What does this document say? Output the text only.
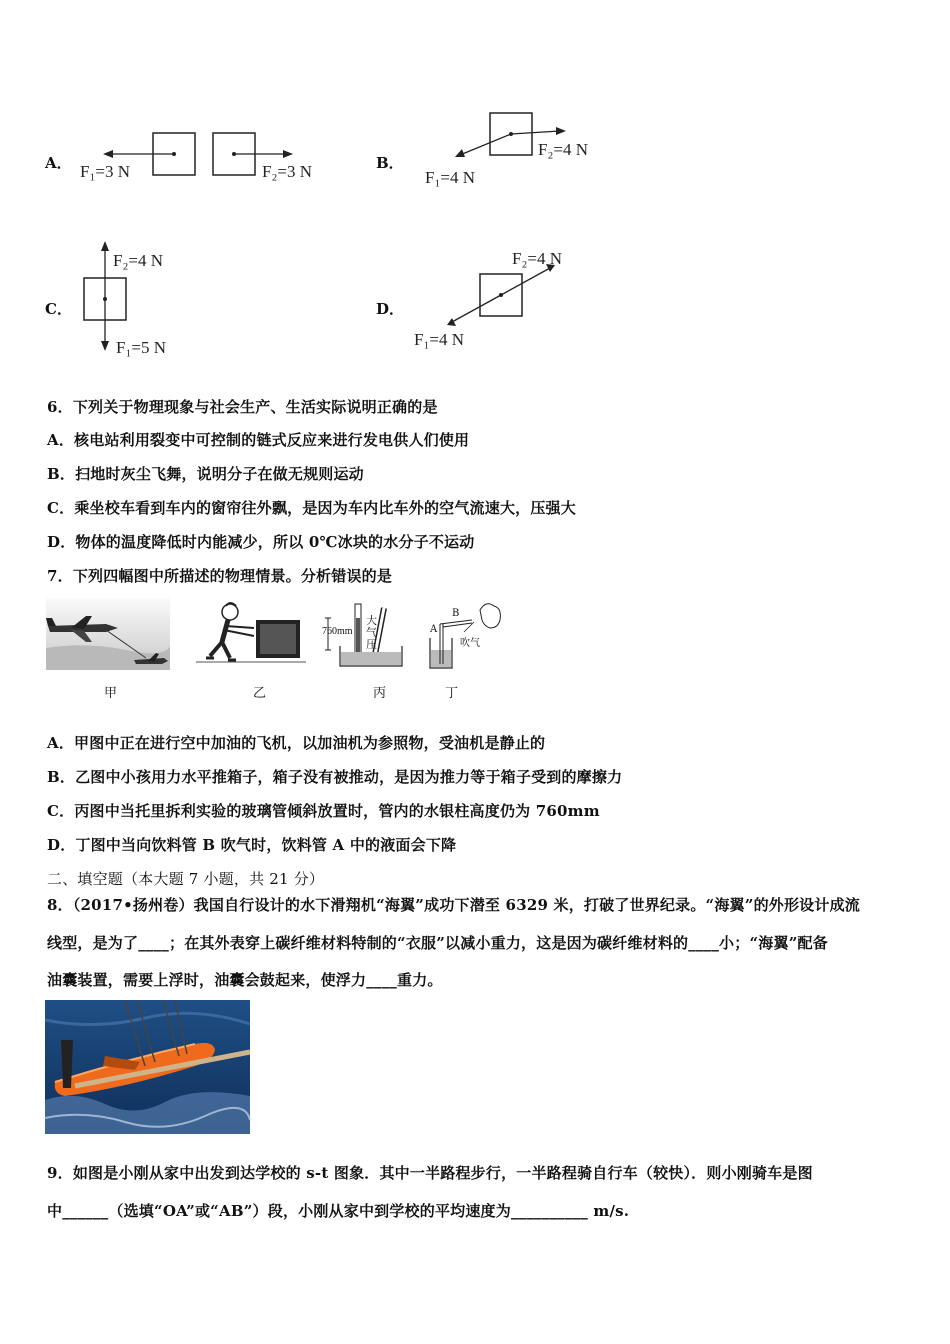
A． F₁=3 N	F₂=3 N	B．
F₂=4 N
F₁=4 N
C．
F₂=4 N
F₁=5 N
D．
F₂=4 N
F₁=4 N
6．下列关于物理现象与社会生产、生活实际说明正确的是
A．核电站利用裂变中可控制的链式反应来进行发电供人们使用
B．扫地时灰尘飞舞，说明分子在做无规则运动
C．乘坐校车看到车内的窗帘往外飘，是因为车内比车外的空气流速大，压强大
D．物体的温度降低时内能减少，所以 0℃冰块的水分子不运动
7．下列四幅图中所描述的物理情景。分析错误的是
甲	乙
760mm
大
气
压
丙
A
B
吹气
丁
A．甲图中正在进行空中加油的飞机，以加油机为参照物，受油机是静止的
B．乙图中小孩用力水平推箱子，箱子没有被推动，是因为推力等于箱子受到的摩擦力
C．丙图中当托里拆利实验的玻璃管倾斜放置时，管内的水银柱高度仍为 760mm
D．丁图中当向饮料管 B 吹气时，饮料管 A 中的液面会下降
二、填空题（本大题 7 小题，共 21 分）
8．（2017•扬州卷）我国自行设计的水下滑翔机“海翼”成功下潜至 6329 米，打破了世界纪录。“海翼”的外形设计成流
线型，是为了____；在其外表穿上碳纤维材料特制的“衣服”以减小重力，这是因为碳纤维材料的____小；“海翼”配备
油囊装置，需要上浮时，油囊会鼓起来，使浮力____重力。
9．如图是小刚从家中出发到达学校的 s-t 图象．其中一半路程步行，一半路程骑自行车（较快）．则小刚骑车是图
中______（选填“OA”或“AB”）段，小刚从家中到学校的平均速度为__________ m/s.
